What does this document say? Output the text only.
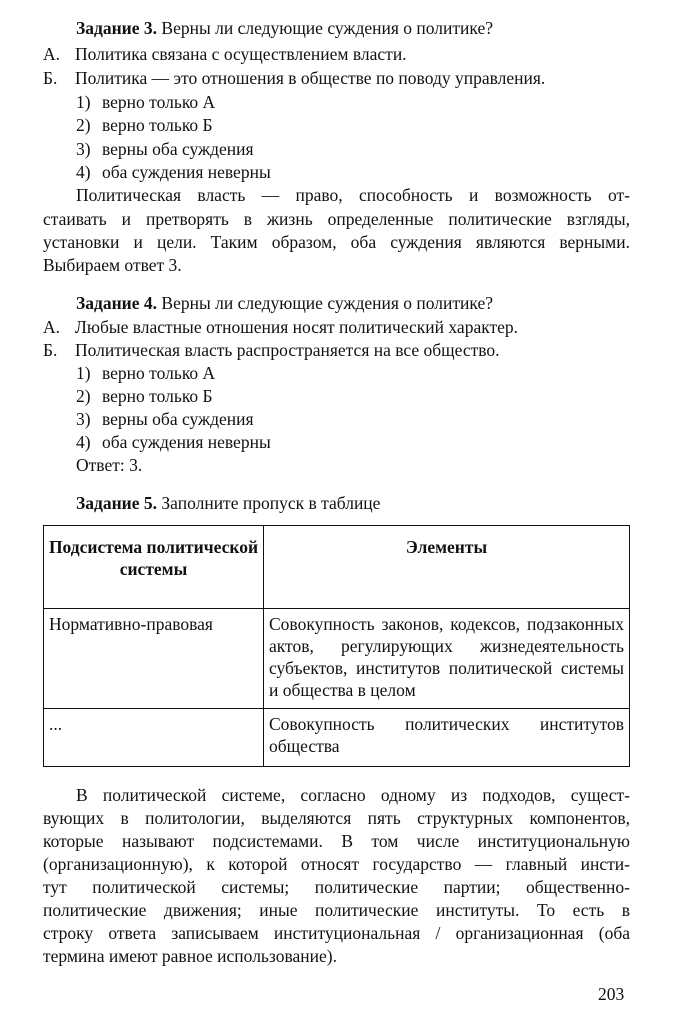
Задание 3. Верны ли следующие суждения о политике?
А. Политика связана с осуществлением власти.
Б. Политика — это отношения в обществе по поводу управления.
1) верно только А
2) верно только Б
3) верны оба суждения
4) оба суждения неверны
Политическая власть — право, способность и возможность от-
стаивать и претворять в жизнь определенные политические взгляды,
установки и цели. Таким образом, оба суждения являются верными.
Выбираем ответ 3.
Задание 4. Верны ли следующие суждения о политике?
А. Любые властные отношения носят политический характер.
Б. Политическая власть распространяется на все общество.
1) верно только А
2) верно только Б
3) верны оба суждения
4) оба суждения неверны
Ответ: 3.
Задание 5. Заполните пропуск в таблице
Подсистема политической системы	Элементы
Нормативно-правовая	Совокупность законов, кодексов, подзаконных актов, регулирующих жизнедеятельность субъектов, институтов политической системы и общества в целом
...	Совокупность политических институтов общества
В политической системе, согласно одному из подходов, сущест-
вующих в политологии, выделяются пять структурных компонентов,
которые называют подсистемами. В том числе институциональную
(организационную), к которой относят государство — главный инсти-
тут политической системы; политические партии; общественно-
политические движения; иные политические институты. То есть в
строку ответа записываем институциональная / организационная (оба
термина имеют равное использование).
203
